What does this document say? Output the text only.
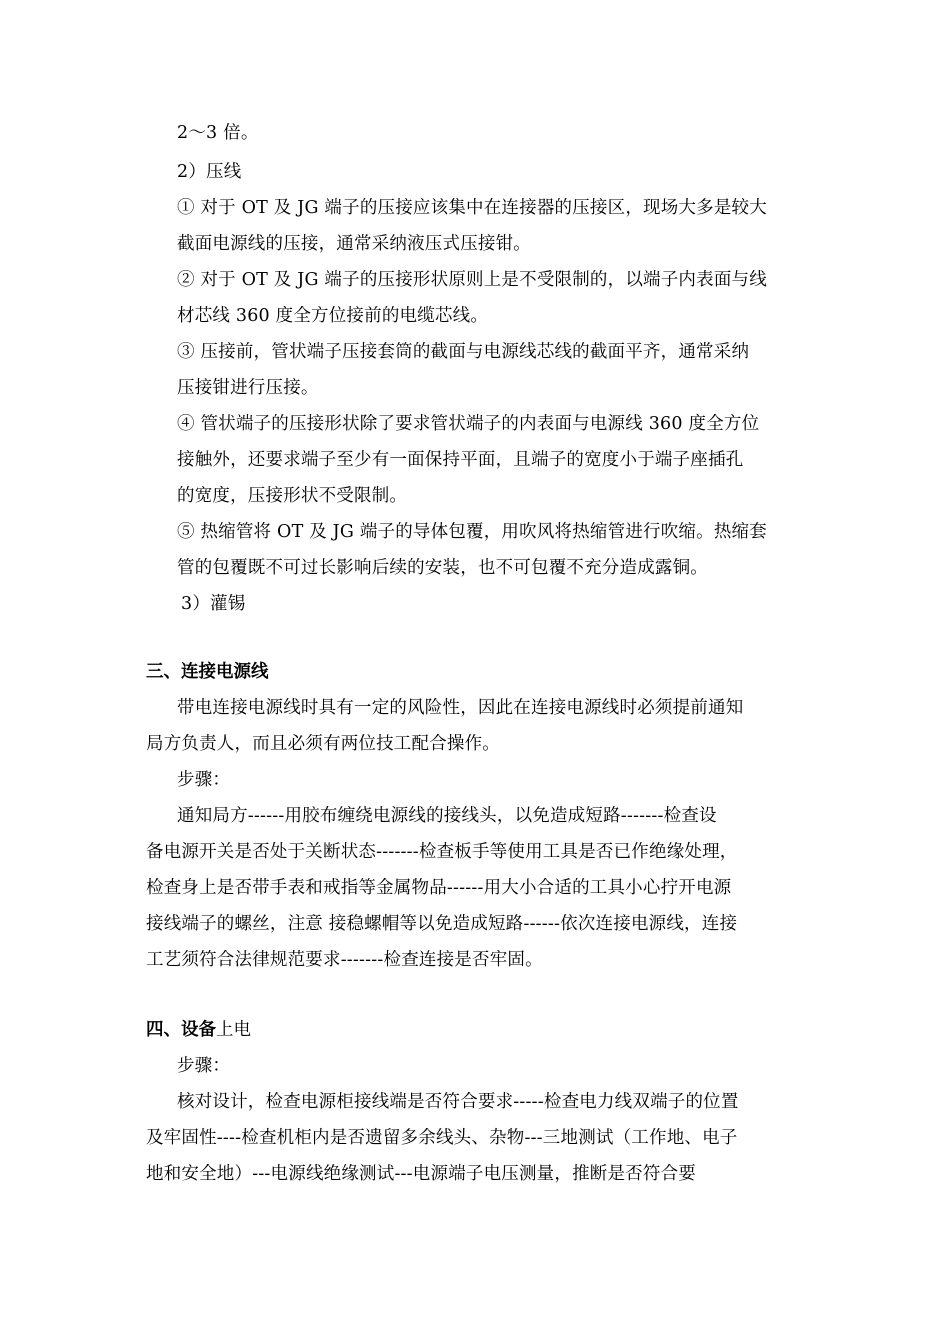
2～3 倍。
2）压线
① 对于 OT 及 JG 端子的压接应该集中在连接器的压接区，现场大多是较大
截面电源线的压接，通常采纳液压式压接钳。
② 对于 OT 及 JG 端子的压接形状原则上是不受限制的，以端子内表面与线
材芯线 360 度全方位接前的电缆芯线。
③ 压接前，管状端子压接套筒的截面与电源线芯线的截面平齐，通常采纳
压接钳进行压接。
④ 管状端子的压接形状除了要求管状端子的内表面与电源线 360 度全方位
接触外，还要求端子至少有一面保持平面，且端子的宽度小于端子座插孔
的宽度，压接形状不受限制。
⑤ 热缩管将 OT 及 JG 端子的导体包覆，用吹风将热缩管进行吹缩。热缩套
管的包覆既不可过长影响后续的安装，也不可包覆不充分造成露铜。
3）灌锡
三、连接电源线
带电连接电源线时具有一定的风险性，因此在连接电源线时必须提前通知
局方负责人，而且必须有两位技工配合操作。
步骤：
通知局方------用胶布缠绕电源线的接线头，以免造成短路-------检查设
备电源开关是否处于关断状态-------检查板手等使用工具是否已作绝缘处理，
检查身上是否带手表和戒指等金属物品------用大小合适的工具小心拧开电源
接线端子的螺丝，注意 接稳螺帽等以免造成短路------依次连接电源线，连接
工艺须符合法律规范要求-------检查连接是否牢固。
四、设备上电
步骤：
核对设计，检查电源柜接线端是否符合要求-----检查电力线双端子的位置
及牢固性----检查机柜内是否遗留多余线头、杂物---三地测试（工作地、电子
地和安全地）---电源线绝缘测试---电源端子电压测量，推断是否符合要
